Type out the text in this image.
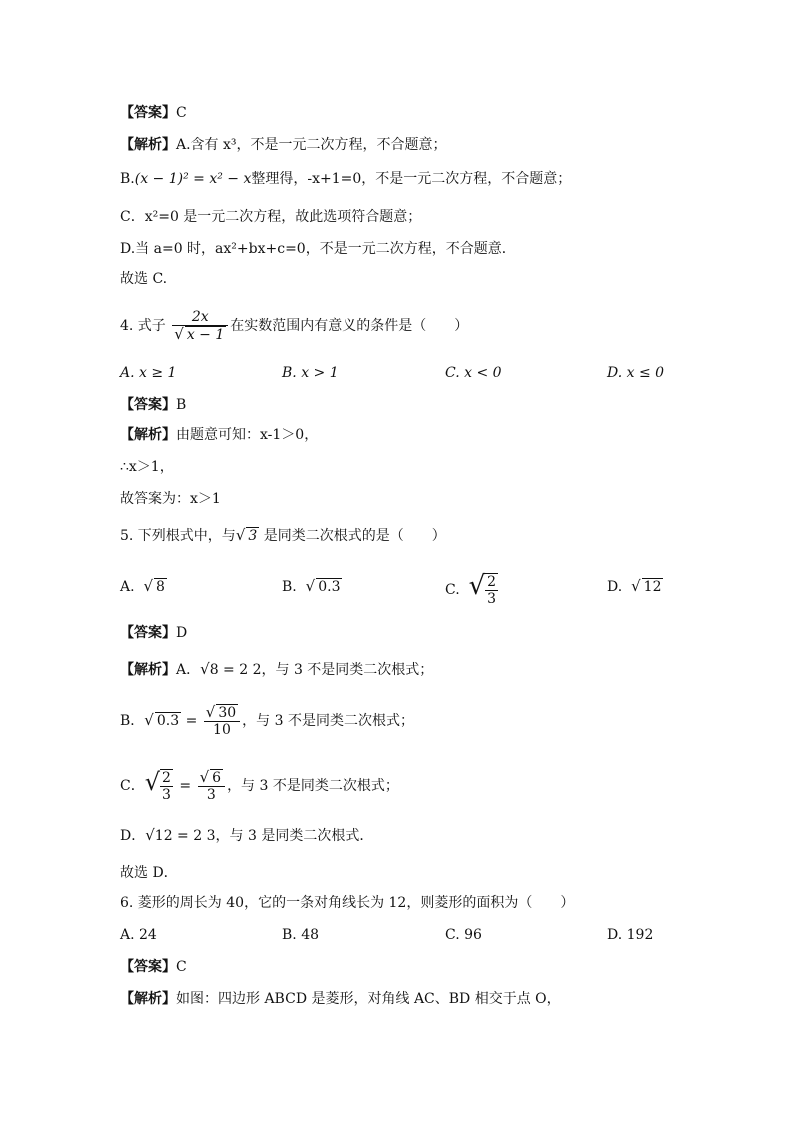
【答案】C
【解析】A.含有 x³，不是一元二次方程，不合题意；
B.(x − 1)² = x² − x整理得，-x+1=0，不是一元二次方程，不合题意；
C．x²=0 是一元二次方程，故此选项符合题意；
D.当 a=0 时，ax²+bx+c=0，不是一元二次方程，不合题意．
故选 C.
4. 式子 $\frac{2x}{√ x - 1}$ 在实数范围内有意义的条件是（　　）
A. x ≥ 1	B. x > 1	C. x < 0	D. x ≤ 0
【答案】B
【解析】由题意可知：x-1＞0，
∴x＞1，
故答案为：x＞1
5. 下列根式中，与√ 3 是同类二次根式的是（　　）
A. √ 8	B. √ 0.3	C. √ $\frac{2}{3}$	D. √ 12
【答案】D
【解析】A．√8 = 2 2，与 3 不是同类二次根式；
B．√ $0.3 = \frac{√ 30}{10}$ ，与 3 不是同类二次根式；
C．√ $\frac{2}{3} = \frac{√ 6}{3}$ ，与 3 不是同类二次根式；
D．√12 = 2 3，与 3 是同类二次根式．
故选 D．
6. 菱形的周长为 40，它的一条对角线长为 12，则菱形的面积为（　　）
A. 24	B. 48	C. 96	D. 192
【答案】C
【解析】如图：四边形 ABCD 是菱形，对角线 AC、BD 相交于点 O，
